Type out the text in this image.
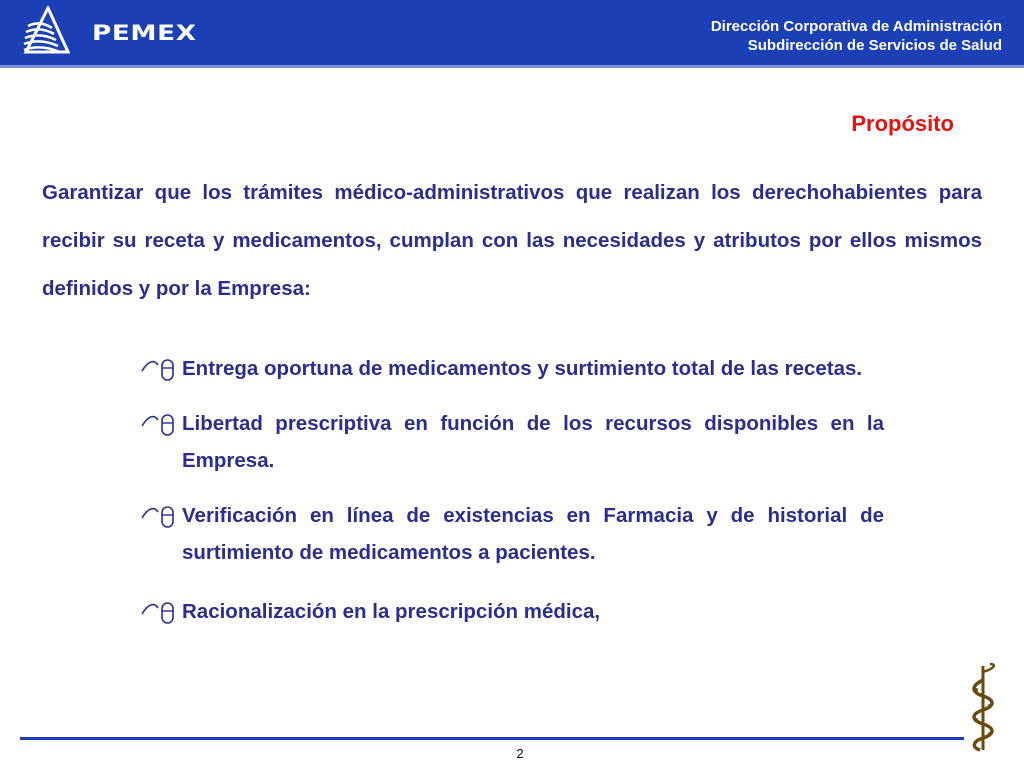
PEMEX	Dirección Corporativa de Administración
Subdirección de Servicios de Salud
Propósito
Garantizar que los trámites médico-administrativos que realizan los derechohabientes para recibir su receta y medicamentos, cumplan con las necesidades y atributos por ellos mismos definidos y por la Empresa:
Entrega oportuna de medicamentos y surtimiento total de las recetas.
Libertad prescriptiva en función de los recursos disponibles en la Empresa.
Verificación en línea de existencias en Farmacia y de historial de surtimiento de medicamentos a pacientes.
Racionalización en la prescripción médica,
2
